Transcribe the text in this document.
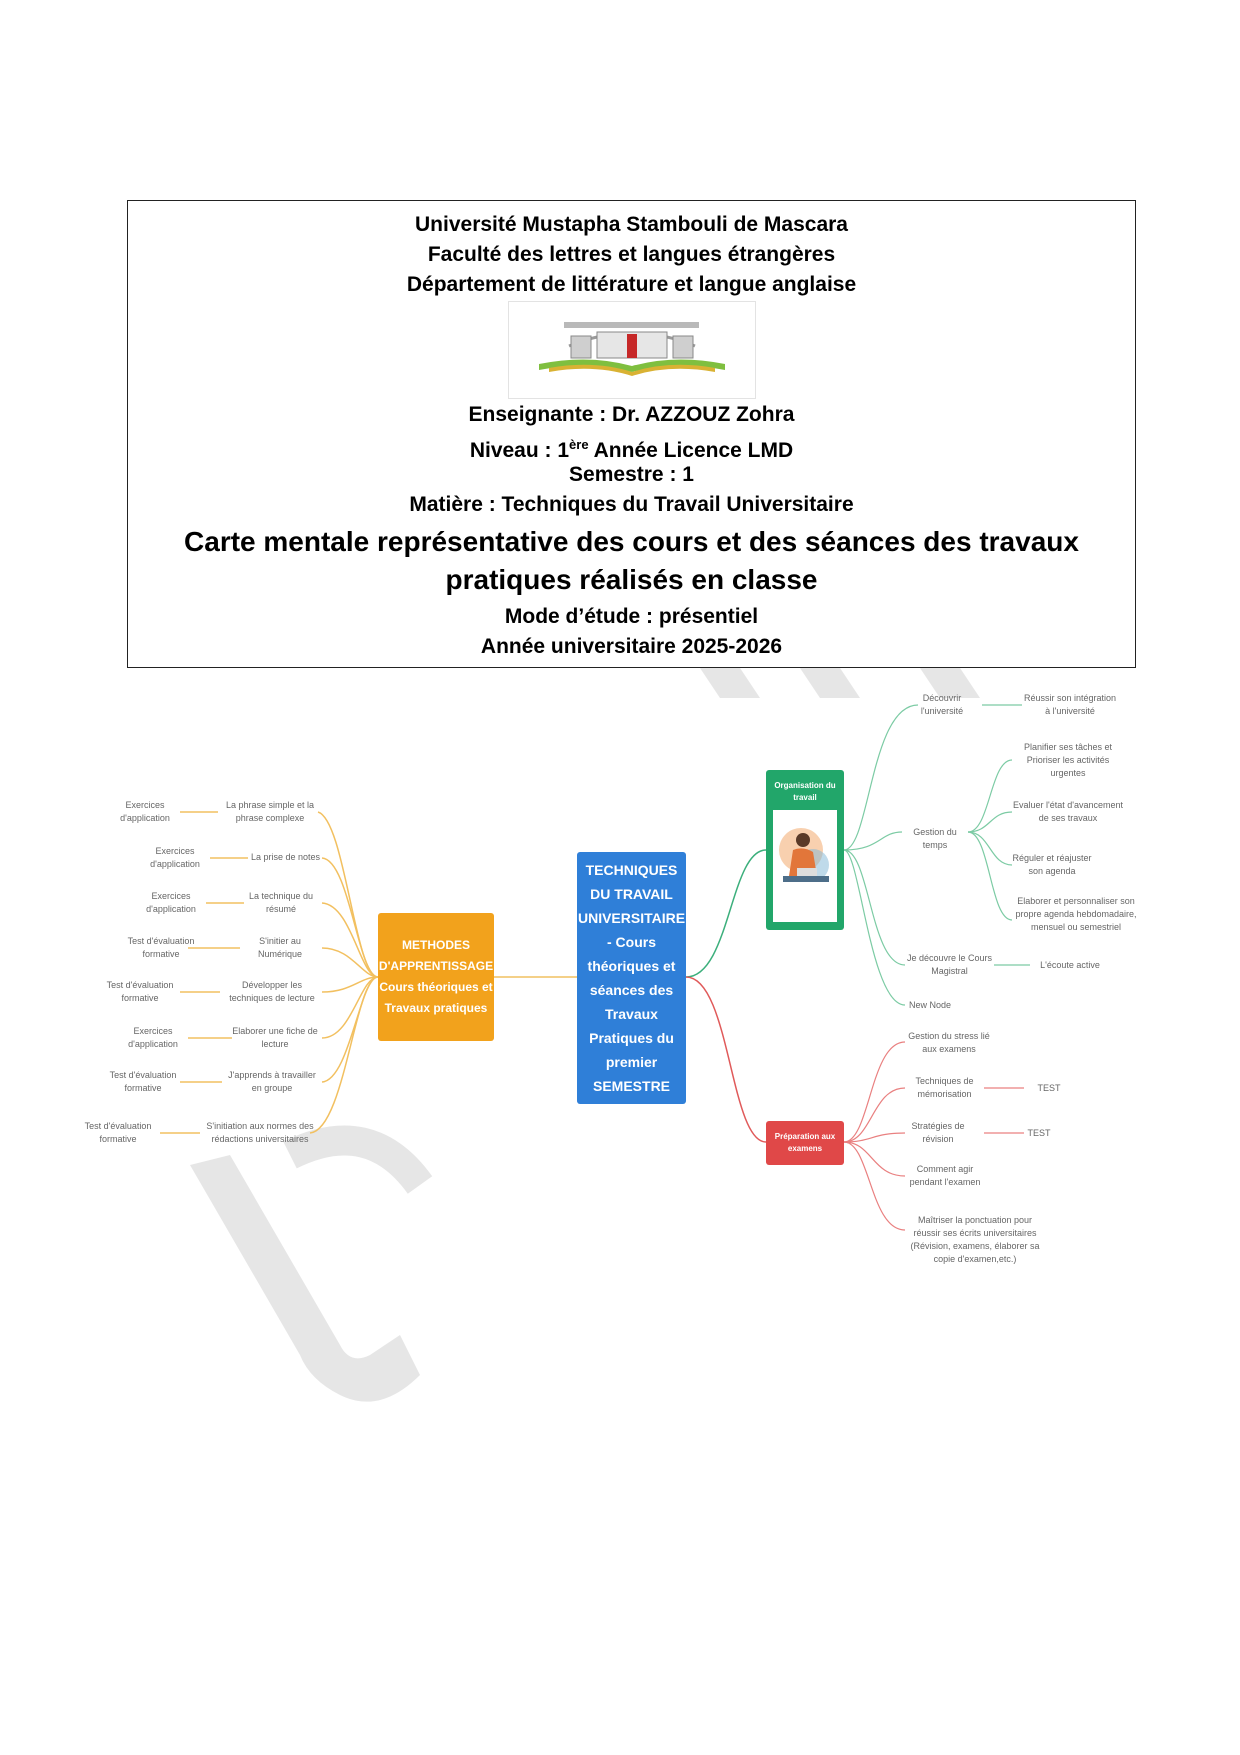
Université Mustapha Stambouli de Mascara
Faculté des lettres et langues étrangères
Département de littérature et langue anglaise
Enseignante : Dr. AZZOUZ Zohra
Niveau : 1ère Année Licence LMD
Semestre : 1
Matière : Techniques du Travail Universitaire
Carte mentale représentative des cours et des séances des travaux
pratiques réalisés en classe
Mode d’étude : présentiel
Année universitaire 2025-2026
TECHNIQUES DU TRAVAIL UNIVERSITAIRE - Cours théoriques et séances des Travaux Pratiques du premier SEMESTRE
METHODES D'APPRENTISSAGE Cours théoriques et Travaux pratiques
La phrase simple et la phrase complexe
La prise de notes
La technique du résumé
S'initier au Numérique
Développer les techniques de lecture
Elaborer une fiche de lecture
J'apprends à travailler en groupe
S'initiation aux normes des rédactions universitaires
Exercices d'application
Exercices d'application
Exercices d'application
Test d'évaluation formative
Test d'évaluation formative
Exercices d'application
Test d'évaluation formative
Test d'évaluation formative
Organisation du travail
Découvrir l'université
Réussir son intégration à l'université
Gestion du temps
Planifier ses tâches et Prioriser les activités urgentes
Evaluer l'état d'avancement de ses travaux
Réguler et réajuster son agenda
Elaborer et personnaliser son propre agenda hebdomadaire, mensuel ou semestriel
Je découvre le Cours Magistral
L'écoute active
New Node
Préparation aux examens
Gestion du stress lié aux examens
Techniques de mémorisation
TEST
Stratégies de révision
TEST
Comment agir pendant l'examen
Maîtriser la ponctuation pour réussir ses écrits universitaires (Révision, examens, élaborer sa copie d'examen,etc.)
